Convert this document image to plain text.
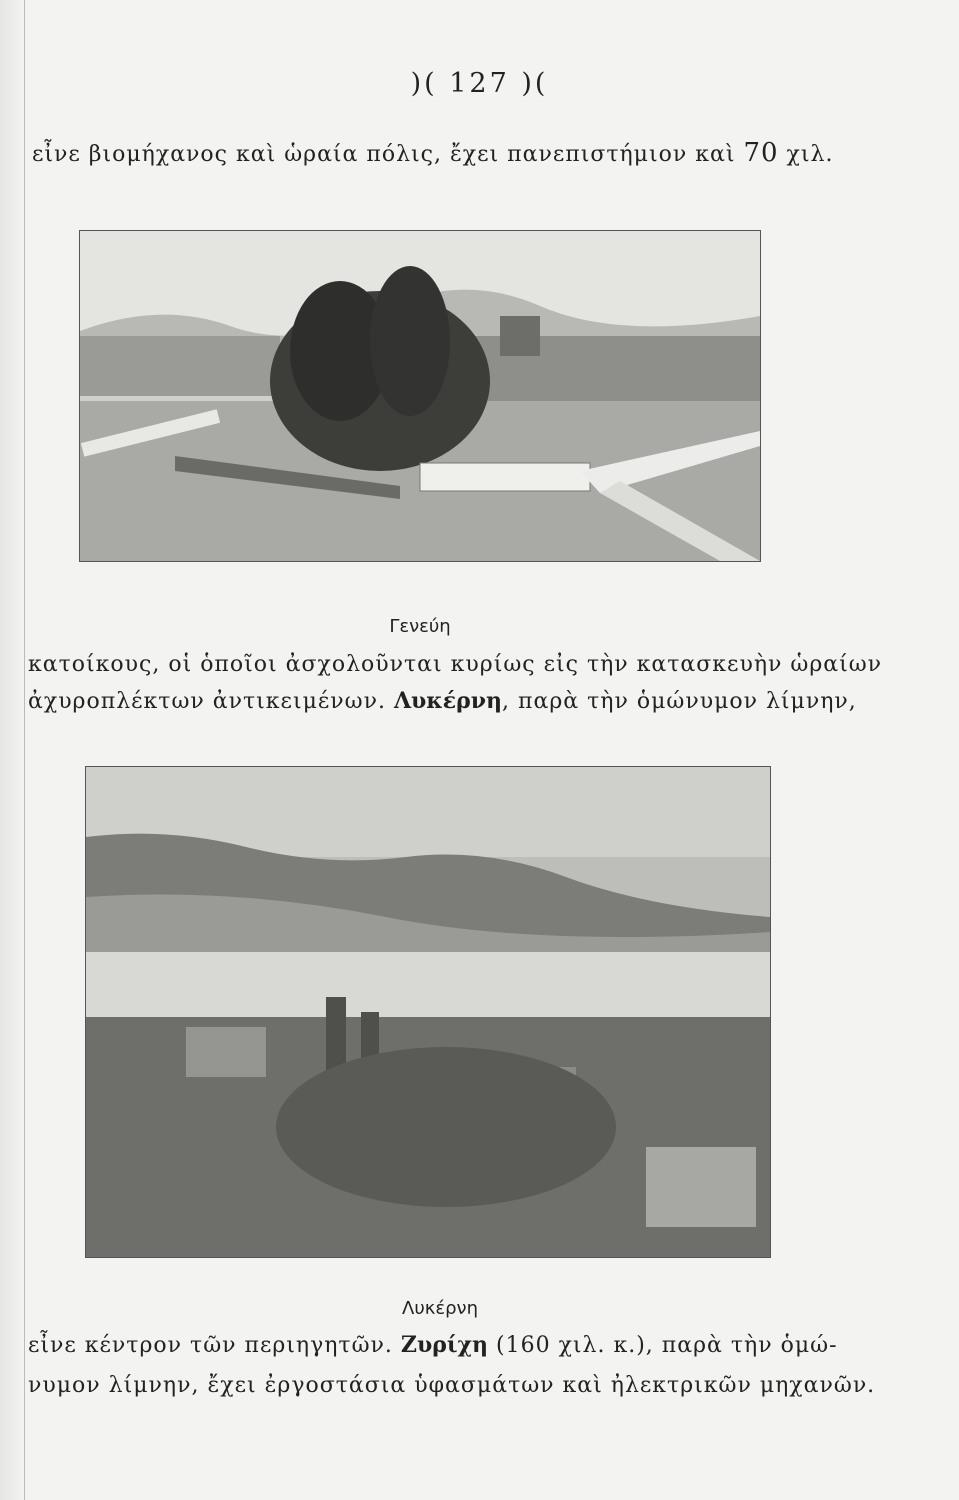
)( 127 )(
εἶνε βιομήχανος καὶ ὡραία πόλις, ἔχει πανεπιστήμιον καὶ 70 χιλ.
Γενεύη
κατοίκους, οἱ ὁποῖοι ἀσχολοῦνται κυρίως εἰς τὴν κατασκευὴν ὡραίων
ἀχυροπλέκτων ἀντικειμένων. Λυκέρνη, παρὰ τὴν ὁμώνυμον λίμνην,
Λυκέρνη
εἶνε κέντρον τῶν περιηγητῶν. Ζυρίχη (160 χιλ. κ.), παρὰ τὴν ὁμώ-
νυμον λίμνην, ἔχει ἐργοστάσια ὑφασμάτων καὶ ἠλεκτρικῶν μηχανῶν.
